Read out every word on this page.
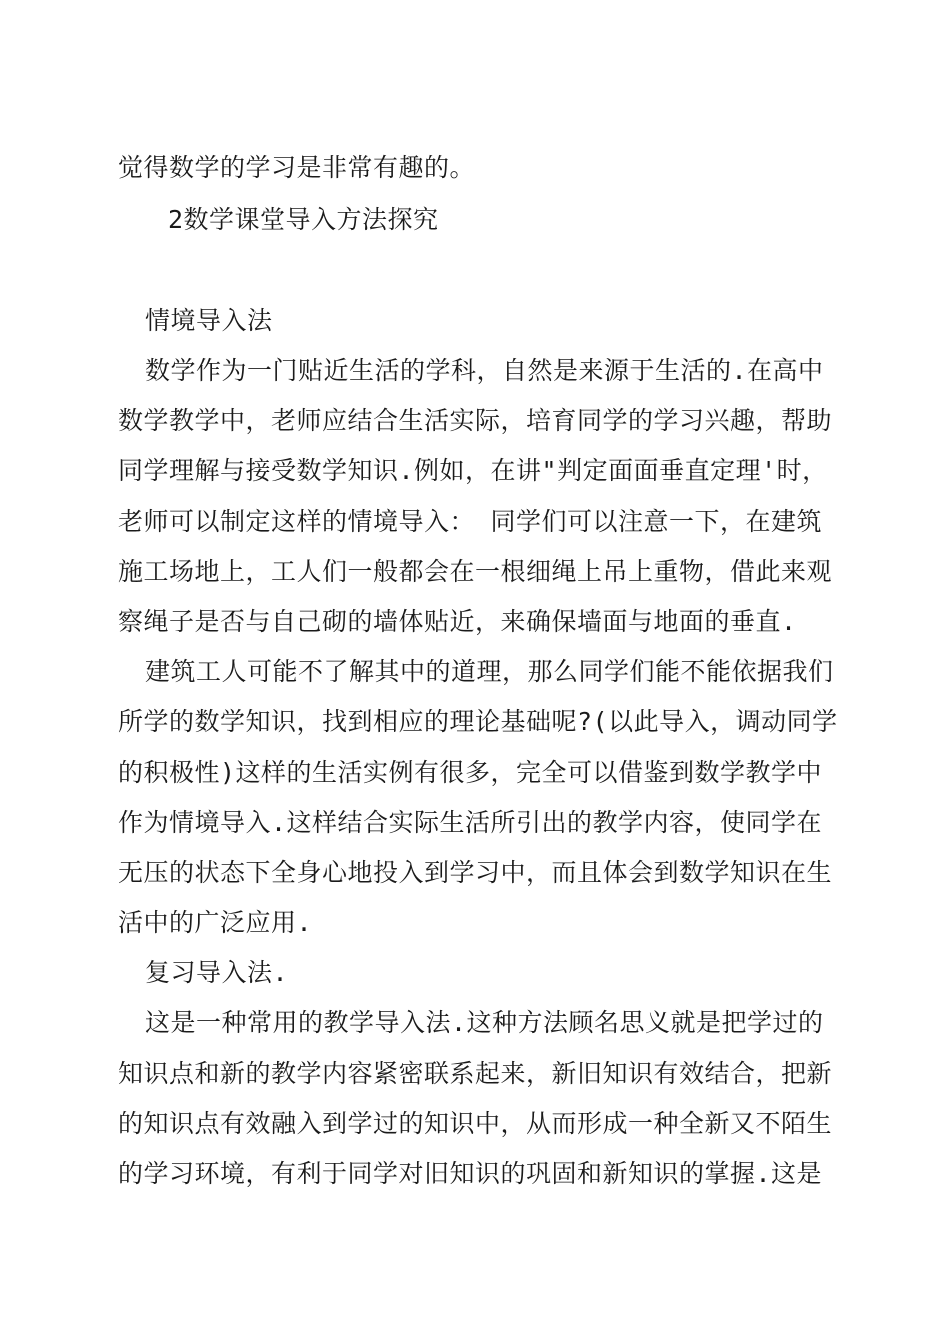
觉得数学的学习是非常有趣的。
2数学课堂导入方法探究
情境导入法
数学作为一门贴近生活的学科，自然是来源于生活的.在高中
数学教学中，老师应结合生活实际，培育同学的学习兴趣，帮助
同学理解与接受数学知识.例如，在讲"判定面面垂直定理'时，
老师可以制定这样的情境导入： 同学们可以注意一下，在建筑
施工场地上，工人们一般都会在一根细绳上吊上重物，借此来观
察绳子是否与自己砌的墙体贴近，来确保墙面与地面的垂直.
建筑工人可能不了解其中的道理，那么同学们能不能依据我们
所学的数学知识，找到相应的理论基础呢?(以此导入，调动同学
的积极性)这样的生活实例有很多，完全可以借鉴到数学教学中
作为情境导入.这样结合实际生活所引出的教学内容，使同学在
无压的状态下全身心地投入到学习中，而且体会到数学知识在生
活中的广泛应用.
复习导入法.
这是一种常用的教学导入法.这种方法顾名思义就是把学过的
知识点和新的教学内容紧密联系起来，新旧知识有效结合，把新
的知识点有效融入到学过的知识中，从而形成一种全新又不陌生
的学习环境，有利于同学对旧知识的巩固和新知识的掌握.这是
